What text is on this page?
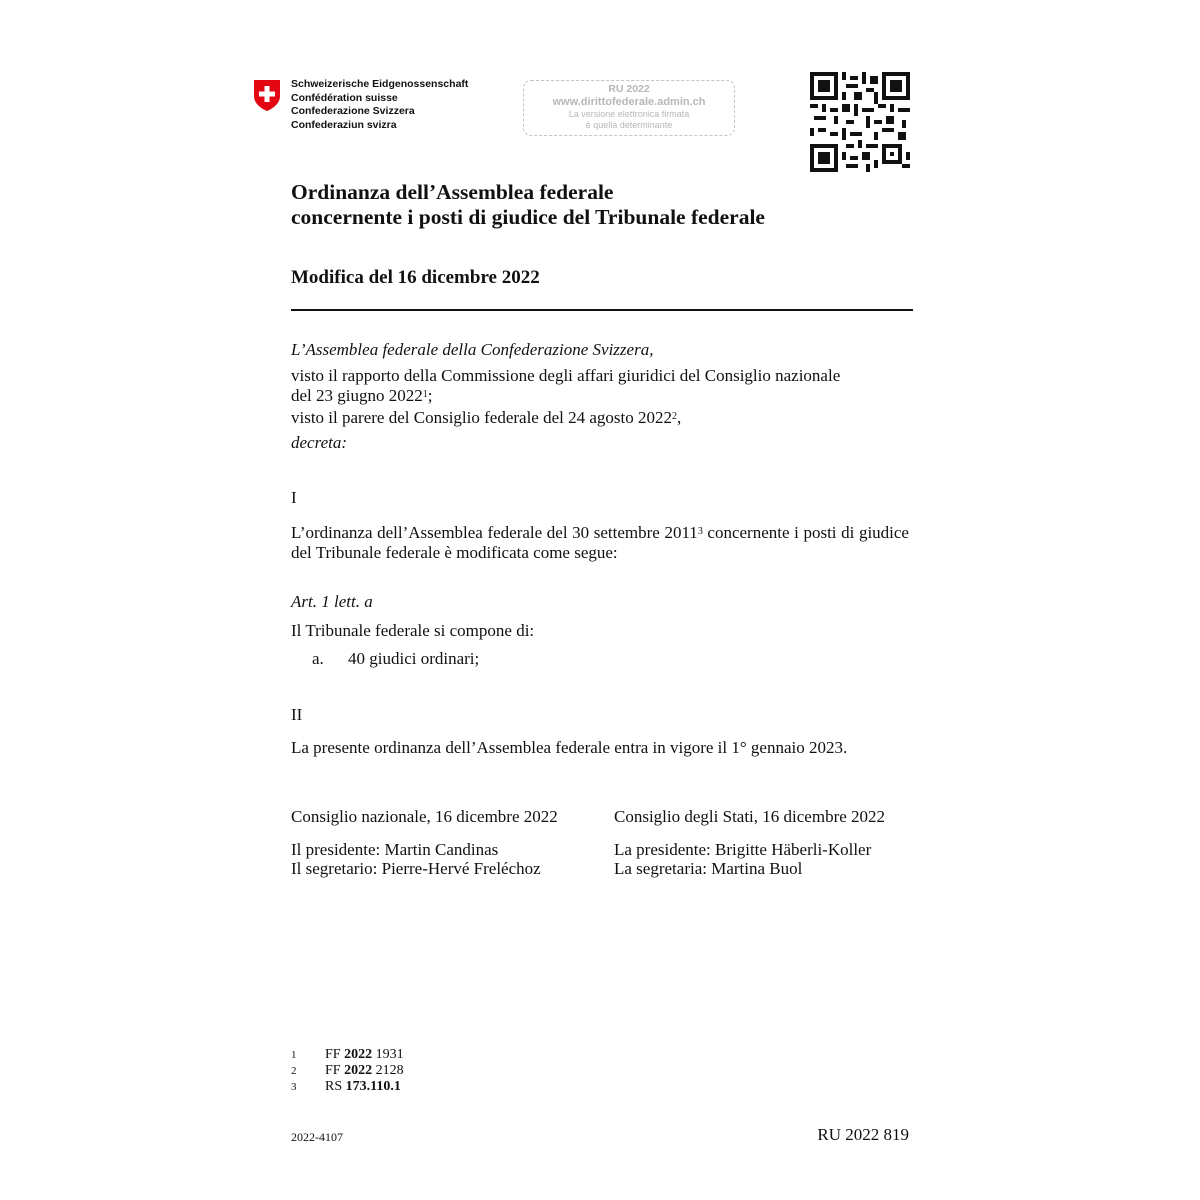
Schweizerische Eidgenossenschaft
Confédération suisse
Confederazione Svizzera
Confederaziun svizra
RU 2022
www.dirittofederale.admin.ch
La versione elettronica firmata
è quella determinante
Ordinanza dell’Assemblea federale
concernente i posti di giudice del Tribunale federale
Modifica del 16 dicembre 2022
L’Assemblea federale della Confederazione Svizzera,
visto il rapporto della Commissione degli affari giuridici del Consiglio nazionale
del 23 giugno 2022$^1$;
visto il parere del Consiglio federale del 24 agosto 2022$^2$,
decreta:
I
L’ordinanza dell’Assemblea federale del 30 settembre 2011$^3$ concernente i posti di giudice del Tribunale federale è modificata come segue:
Art. 1 lett. a
Il Tribunale federale si compone di:
a. 40 giudici ordinari;
II
La presente ordinanza dell’Assemblea federale entra in vigore il 1° gennaio 2023.
Consiglio nazionale, 16 dicembre 2022
Il presidente: Martin Candinas
Il segretario: Pierre-Hervé Freléchoz
Consiglio degli Stati, 16 dicembre 2022
La presidente: Brigitte Häberli-Koller
La segretaria: Martina Buol
1 FF 2022 1931
2 FF 2022 2128
3 RS 173.110.1
2022-4107	RU 2022 819
